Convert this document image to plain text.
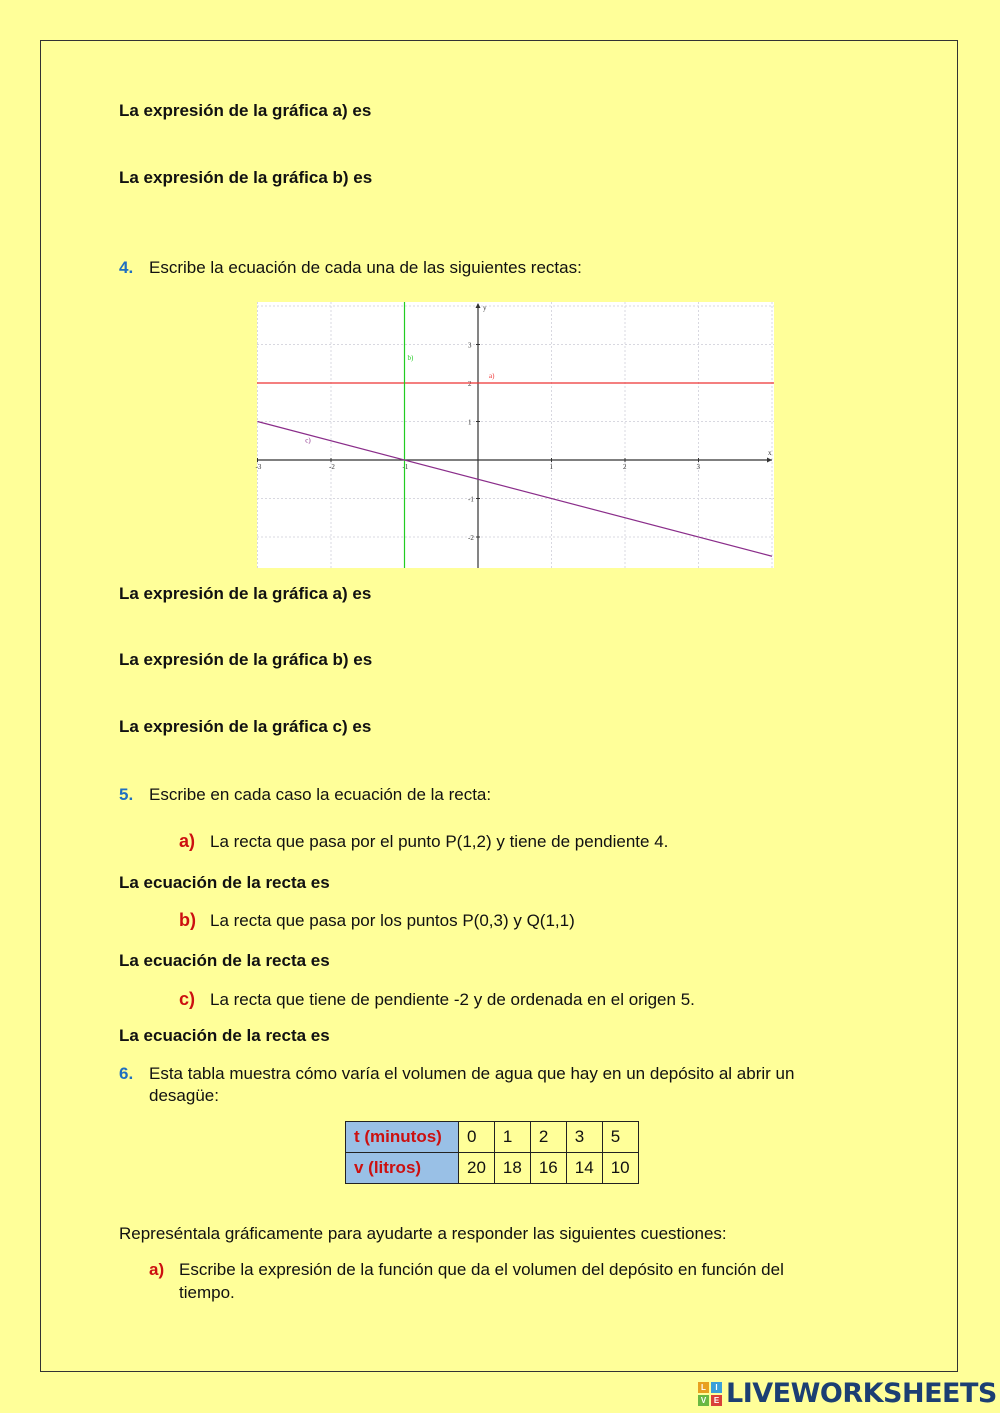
La expresión de la gráfica a) es
La expresión de la gráfica b) es
4. Escribe la ecuación de cada una de las siguientes rectas:
x
y
-3	-2	-1	1	2	3
3
2
1
-1
-2
a)
b)
c)
La expresión de la gráfica a) es
La expresión de la gráfica b) es
La expresión de la gráfica c) es
5. Escribe en cada caso la ecuación de la recta:
a) La recta que pasa por el punto P(1,2) y tiene de pendiente 4.
La ecuación de la recta es
b) La recta que pasa por los puntos P(0,3) y Q(1,1)
La ecuación de la recta es
c) La recta que tiene de pendiente -2 y de ordenada en el origen 5.
La ecuación de la recta es
6. Esta tabla muestra cómo varía el volumen de agua que hay en un depósito al abrir un
desagüe:
t (minutos)	0	1	2	3	5
v (litros)	20	18	16	14	10
Represéntala gráficamente para ayudarte a responder las siguientes cuestiones:
a) Escribe la expresión de la función que da el volumen del depósito en función del
tiempo.
L	I
V E LIVEWORKSHEETS
